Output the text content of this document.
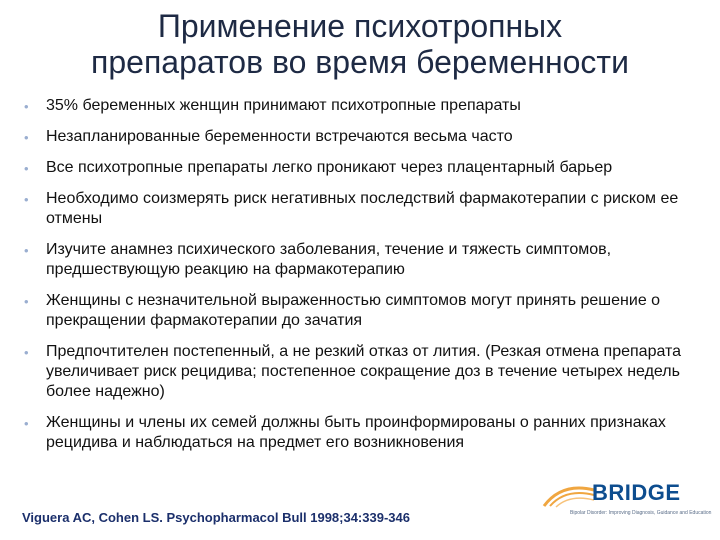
Применение психотропных
препаратов во время беременности
• 35% беременных женщин принимают психотропные препараты
• Незапланированные беременности встречаются весьма часто
• Все психотропные препараты легко проникают через плацентарный барьер
• Необходимо соизмерять риск негативных последствий фармакотерапии с риском ее отмены
• Изучите анамнез психического заболевания, течение и тяжесть симптомов, предшествующую реакцию на фармакотерапию
• Женщины с незначительной выраженностью симптомов могут принять решение о прекращении фармакотерапии до зачатия
• Предпочтителен постепенный, а не резкий отказ от лития. (Резкая отмена препарата увеличивает риск рецидива; постепенное сокращение доз в течение четырех недель более надежно)
• Женщины и члены их семей должны быть проинформированы о ранних признаках рецидива и наблюдаться на предмет его возникновения
BRIDGE
Bipolar Disorder: Improving Diagnosis, Guidance and Education
Viguera AC, Cohen LS. Psychopharmacol Bull 1998;34:339-346
